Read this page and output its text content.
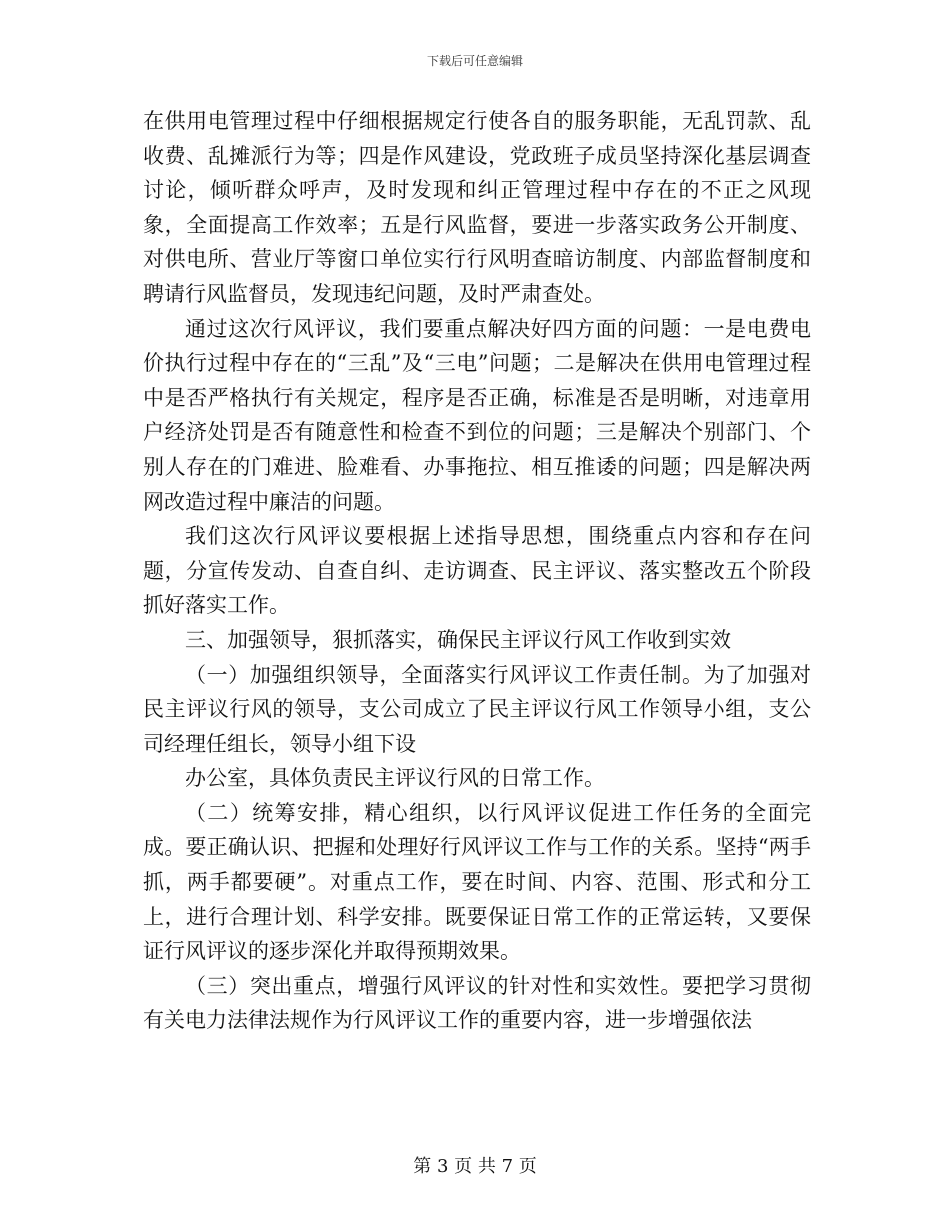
下载后可任意编辑

在供用电管理过程中仔细根据规定行使各自的服务职能，无乱罚款、乱收费、乱摊派行为等；四是作风建设，党政班子成员坚持深化基层调查讨论，倾听群众呼声，及时发现和纠正管理过程中存在的不正之风现象，全面提高工作效率；五是行风监督，要进一步落实政务公开制度、对供电所、营业厅等窗口单位实行行风明查暗访制度、内部监督制度和聘请行风监督员，发现违纪问题，及时严肃查处。

通过这次行风评议，我们要重点解决好四方面的问题：一是电费电价执行过程中存在的“三乱”及“三电”问题；二是解决在供用电管理过程中是否严格执行有关规定，程序是否正确，标准是否是明晰，对违章用户经济处罚是否有随意性和检查不到位的问题；三是解决个别部门、个别人存在的门难进、脸难看、办事拖拉、相互推诿的问题；四是解决两网改造过程中廉洁的问题。

我们这次行风评议要根据上述指导思想，围绕重点内容和存在问题，分宣传发动、自查自纠、走访调查、民主评议、落实整改五个阶段抓好落实工作。

三、加强领导，狠抓落实，确保民主评议行风工作收到实效

（一）加强组织领导，全面落实行风评议工作责任制。为了加强对民主评议行风的领导，支公司成立了民主评议行风工作领导小组，支公司经理任组长，领导小组下设

办公室，具体负责民主评议行风的日常工作。

（二）统筹安排，精心组织，以行风评议促进工作任务的全面完成。要正确认识、把握和处理好行风评议工作与工作的关系。坚持“两手抓，两手都要硬”。对重点工作，要在时间、内容、范围、形式和分工上，进行合理计划、科学安排。既要保证日常工作的正常运转，又要保证行风评议的逐步深化并取得预期效果。

（三）突出重点，增强行风评议的针对性和实效性。要把学习贯彻有关电力法律法规作为行风评议工作的重要内容，进一步增强依法

第 3 页 共 7 页
